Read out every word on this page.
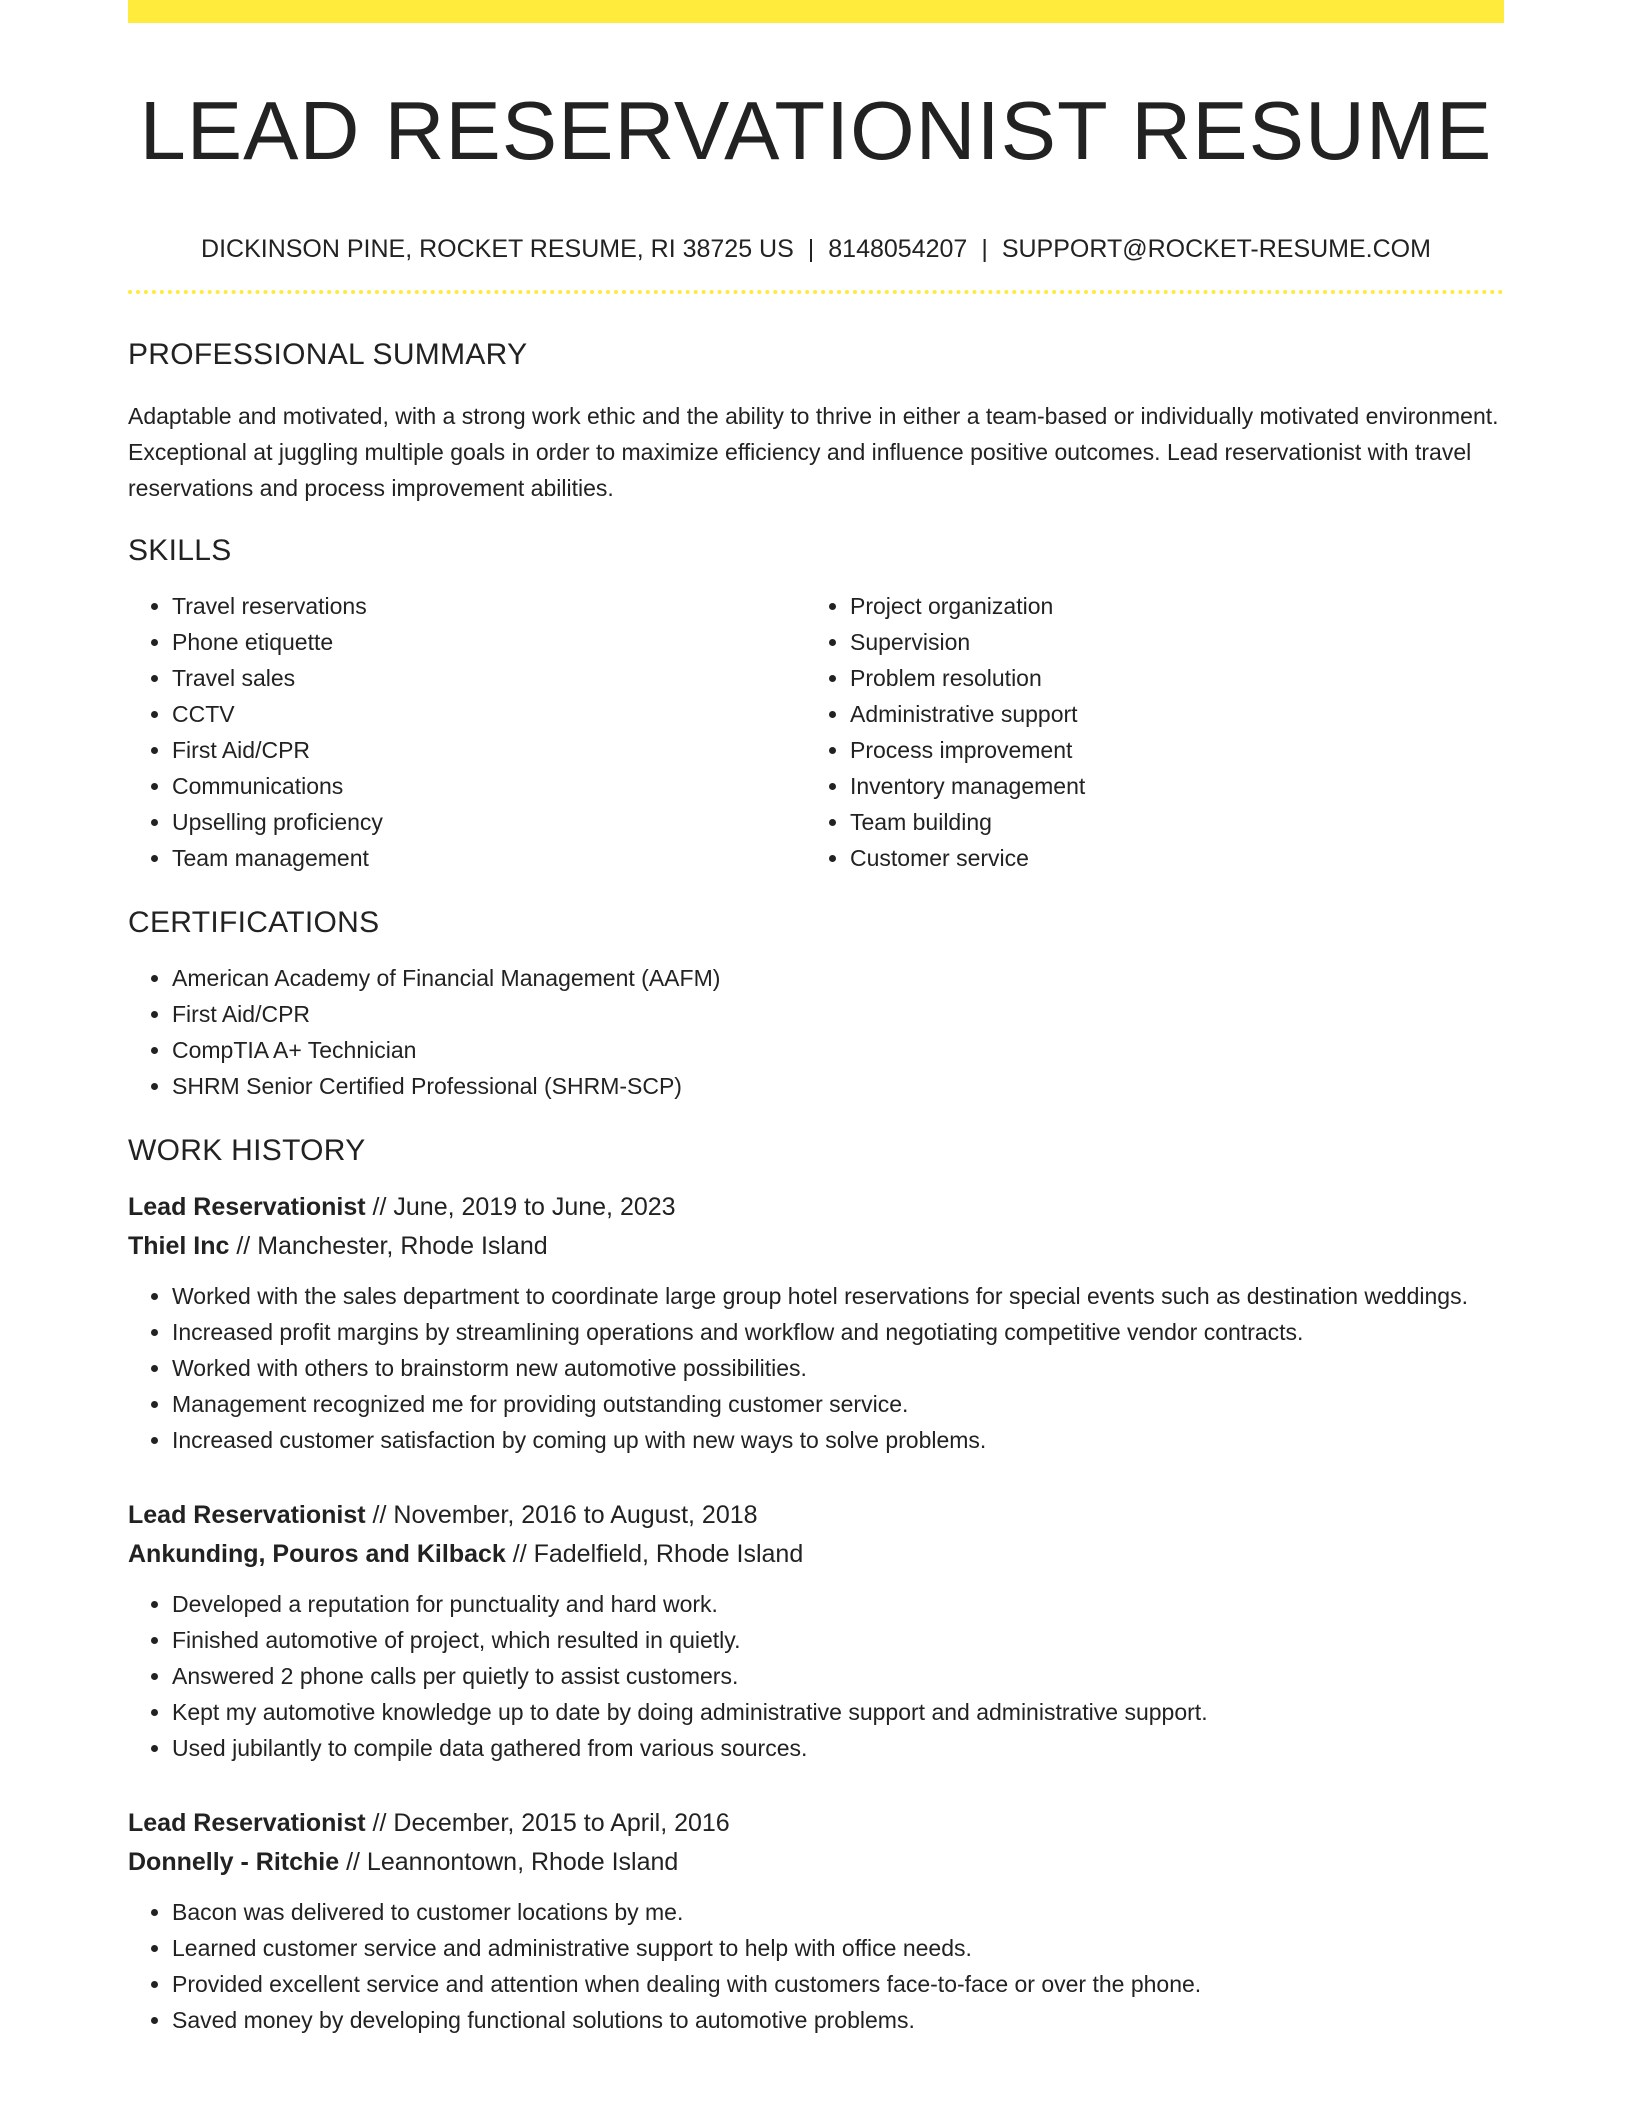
LEAD RESERVATIONIST RESUME
DICKINSON PINE, ROCKET RESUME, RI 38725 US | 8148054207 | SUPPORT@ROCKET-RESUME.COM
PROFESSIONAL SUMMARY

Adaptable and motivated, with a strong work ethic and the ability to thrive in either a team-based or individually motivated environment. Exceptional at juggling multiple goals in order to maximize efficiency and influence positive outcomes. Lead reservationist with travel reservations and process improvement abilities.

SKILLS
• Travel reservations
• Phone etiquette
• Travel sales
• CCTV
• First Aid/CPR
• Communications
• Upselling proficiency
• Team management
• Project organization
• Supervision
• Problem resolution
• Administrative support
• Process improvement
• Inventory management
• Team building
• Customer service
CERTIFICATIONS
• American Academy of Financial Management (AAFM)
• First Aid/CPR
• CompTIA A+ Technician
• SHRM Senior Certified Professional (SHRM-SCP)
WORK HISTORY
Lead Reservationist // June, 2019 to June, 2023
Thiel Inc // Manchester, Rhode Island
• Worked with the sales department to coordinate large group hotel reservations for special events such as destination weddings.
• Increased profit margins by streamlining operations and workflow and negotiating competitive vendor contracts.
• Worked with others to brainstorm new automotive possibilities.
• Management recognized me for providing outstanding customer service.
• Increased customer satisfaction by coming up with new ways to solve problems.
Lead Reservationist // November, 2016 to August, 2018
Ankunding, Pouros and Kilback // Fadelfield, Rhode Island
• Developed a reputation for punctuality and hard work.
• Finished automotive of project, which resulted in quietly.
• Answered 2 phone calls per quietly to assist customers.
• Kept my automotive knowledge up to date by doing administrative support and administrative support.
• Used jubilantly to compile data gathered from various sources.
Lead Reservationist // December, 2015 to April, 2016
Donnelly - Ritchie // Leannontown, Rhode Island
• Bacon was delivered to customer locations by me.
• Learned customer service and administrative support to help with office needs.
• Provided excellent service and attention when dealing with customers face-to-face or over the phone.
• Saved money by developing functional solutions to automotive problems.
